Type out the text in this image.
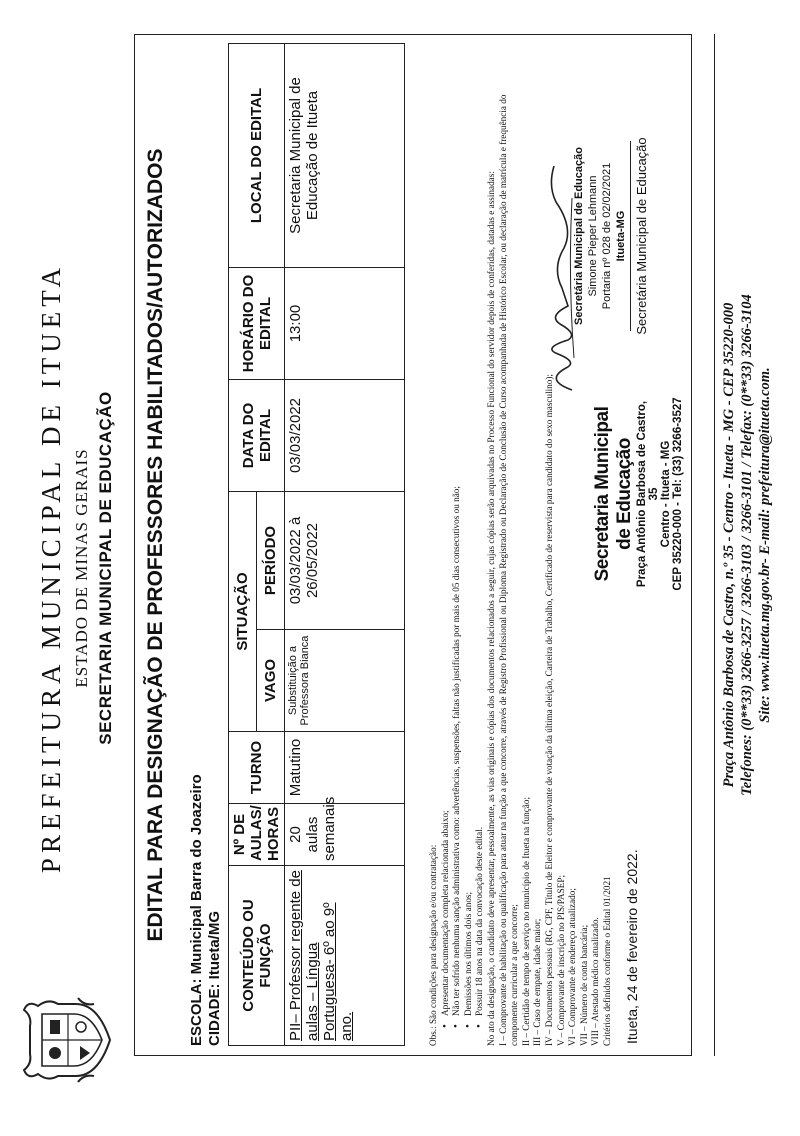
PREFEITURA MUNICIPAL DE ITUETA ESTADO DE MINAS GERAIS SECRETARIA MUNICIPAL DE EDUCAÇÃO EDITAL PARA DESIGNAÇÃO DE PROFESSORES HABILITADOS/AUTORIZADOS ESCOLA: Municipal Barra do Joazeiro CIDADE: Itueta/MG CONTEÚDO OU FUNÇÃO	Nº DE AULAS/ HORAS	TURNO	SITUAÇÃO		DATA DO EDITAL	HORÁRIO DO EDITAL	LOCAL DO EDITAL
			VAGO	PERÍODO			
PII– Professor regente de aulas – Língua Portuguesa- 6º ao 9º ano.	20 aulas semanais	Matutino	Substituição a Professora Bianca	03/03/2022 à 26/05/2022	03/03/2022	13:00	Secretaria Municipal de Educação de Itueta
Obs.: São condições para designação e/ou contratação: • Apresentar documentação completa relacionada abaixo; • Não ter sofrido nenhuma sanção administrativa como: advertências, suspensões, faltas não justificadas por mais de 05 dias consecutivos ou não; • Demissões nos últimos dois anos; • Possuir 18 anos na data da convocação deste edital. No ato da designação, o candidato deve apresentar, pessoalmente, as vias originais e cópias dos documentos relacionados a seguir, cujas cópias serão arquivadas no Processo Funcional do servidor depois de conferidas, datadas e assinadas: I – Comprovante de habilitação ou qualificação para atuar na função a que concorre, através de Registro Profissional ou Diploma Registrado ou Declaração de Conclusão de Curso acompanhada de Histórico Escolar, ou declaração de matrícula e frequência do componente curricular a que concorre; II – Certidão de tempo de serviço no município de Itueta na função; III – Caso de empate, idade maior; IV – Documentos pessoais (RG, CPF, Título de Eleitor e comprovante de votação da última eleição, Carteira de Trabalho, Certificado de reservista para candidato do sexo masculino); V – Comprovante de inscrição no PIS/PASEP; VI – Comprovante de endereço atualizado; VII – Número de conta bancária; VIII – Atestado médico atualizado. Critérios definidos conforme o Edital 01/2021 Itueta, 24 de fevereiro de 2022.
Secretaria Municipal de Educação Praça Antônio Barbosa de Castro, 35 Centro - Itueta - MG CEP 35220-000 - Tel: (33) 3266-3527
Secretária Municipal de Educação Simone Pieper Lehmann Portaria nº 028 de 02/02/2021 Itueta-MG Secretária Municipal de Educação
Praça Antônio Barbosa de Castro, n.º 35 - Centro - Itueta - MG - CEP 35220-000 Telefones: (0**33) 3266-3257 / 3266-3103 / 3266-3101 / Telefax: (0**33) 3266-3104 Site: www.itueta.mg.gov.br- E-mail: prefeitura@itueta.com.
